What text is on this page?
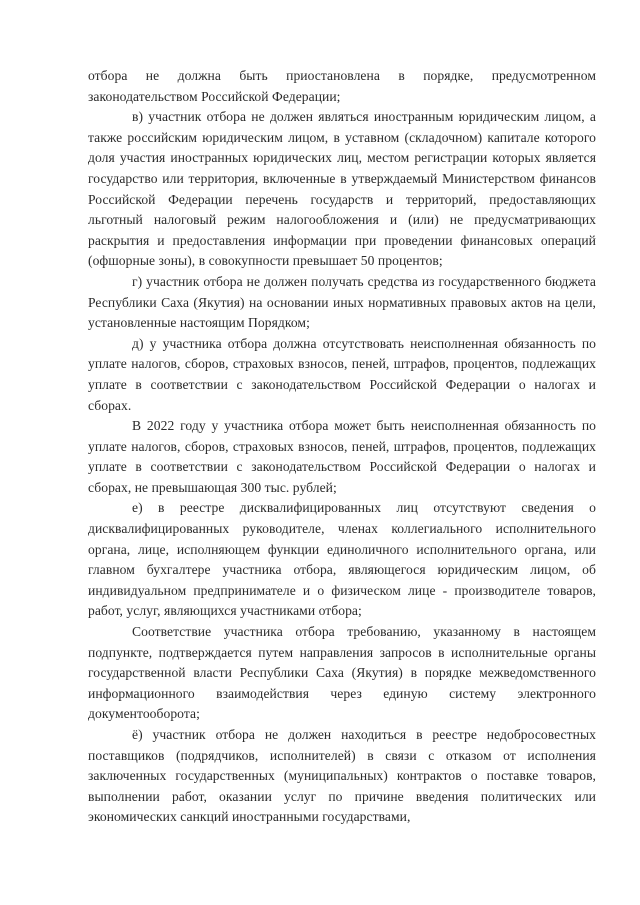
отбора не должна быть приостановлена в порядке, предусмотренном законодательством Российской Федерации;

в) участник отбора не должен являться иностранным юридическим лицом, а также российским юридическим лицом, в уставном (складочном) капитале которого доля участия иностранных юридических лиц, местом регистрации которых является государство или территория, включенные в утверждаемый Министерством финансов Российской Федерации перечень государств и территорий, предоставляющих льготный налоговый режим налогообложения и (или) не предусматривающих раскрытия и предоставления информации при проведении финансовых операций (офшорные зоны), в совокупности превышает 50 процентов;

г) участник отбора не должен получать средства из государственного бюджета Республики Саха (Якутия) на основании иных нормативных правовых актов на цели, установленные настоящим Порядком;

д) у участника отбора должна отсутствовать неисполненная обязанность по уплате налогов, сборов, страховых взносов, пеней, штрафов, процентов, подлежащих уплате в соответствии с законодательством Российской Федерации о налогах и сборах.

В 2022 году у участника отбора может быть неисполненная обязанность по уплате налогов, сборов, страховых взносов, пеней, штрафов, процентов, подлежащих уплате в соответствии с законодательством Российской Федерации о налогах и сборах, не превышающая 300 тыс. рублей;

е) в реестре дисквалифицированных лиц отсутствуют сведения о дисквалифицированных руководителе, членах коллегиального исполнительного органа, лице, исполняющем функции единоличного исполнительного органа, или главном бухгалтере участника отбора, являющегося юридическим лицом, об индивидуальном предпринимателе и о физическом лице - производителе товаров, работ, услуг, являющихся участниками отбора;

Соответствие участника отбора требованию, указанному в настоящем подпункте, подтверждается путем направления запросов в исполнительные органы государственной власти Республики Саха (Якутия) в порядке межведомственного информационного взаимодействия через единую систему электронного документооборота;

ё) участник отбора не должен находиться в реестре недобросовестных поставщиков (подрядчиков, исполнителей) в связи с отказом от исполнения заключенных государственных (муниципальных) контрактов о поставке товаров, выполнении работ, оказании услуг по причине введения политических или экономических санкций иностранными государствами,
